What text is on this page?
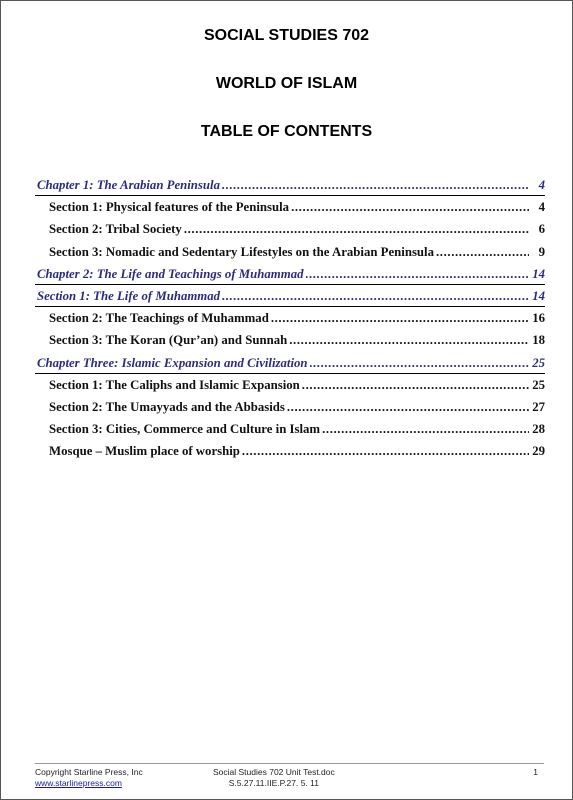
SOCIAL STUDIES 702
WORLD OF ISLAM
TABLE OF CONTENTS
Chapter 1: The Arabian Peninsula .....	4
Section 1: Physical features of the Peninsula .....	4
Section 2: Tribal Society .....	6
Section 3: Nomadic and Sedentary Lifestyles on the Arabian Peninsula .....	9
Chapter 2: The Life and Teachings of Muhammad .....	14
Section 1: The Life of Muhammad .....	14
Section 2: The Teachings of Muhammad .....	16
Section 3: The Koran (Qur’an) and Sunnah .....	18
Chapter Three: Islamic Expansion and Civilization .....	25
Section 1: The Caliphs and Islamic Expansion .....	25
Section 2: The Umayyads and the Abbasids .....	27
Section 3: Cities, Commerce and Culture in Islam .....	28
Mosque – Muslim place of worship .....	29
Copyright Starline Press, Inc
www.starlinepress.com
Social Studies 702 Unit Test.doc
S.5.27.11.IIE.P.27. 5. 11
1
